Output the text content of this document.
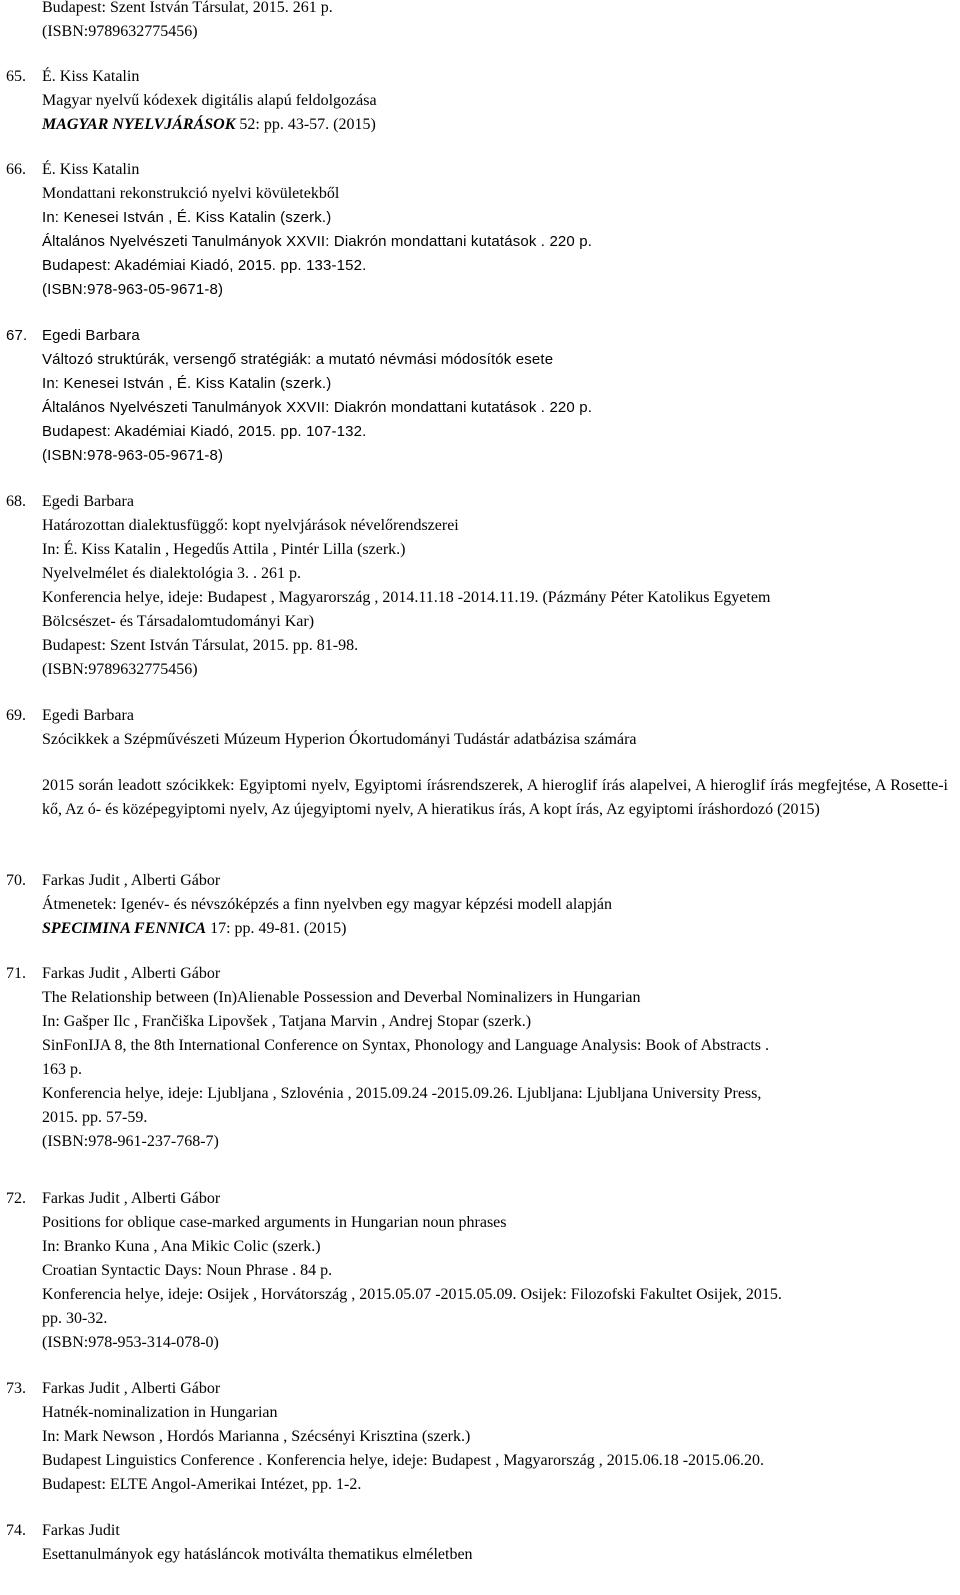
Budapest: Szent István Társulat, 2015. 261 p.
(ISBN:9789632775456)
65. É. Kiss Katalin
Magyar nyelvű kódexek digitális alapú feldolgozása
MAGYAR NYELVJÁRÁSOK 52: pp. 43-57. (2015)
66. É. Kiss Katalin
Mondattani rekonstrukció nyelvi kövületekből
In: Kenesei István , É. Kiss Katalin (szerk.)
Általános Nyelvészeti Tanulmányok XXVII: Diakrón mondattani kutatások . 220 p.
Budapest: Akadémiai Kiadó, 2015. pp. 133-152.
(ISBN:978-963-05-9671-8)
67. Egedi Barbara
Változó struktúrák, versengő stratégiák: a mutató névmási módosítók esete
In: Kenesei István , É. Kiss Katalin (szerk.)
Általános Nyelvészeti Tanulmányok XXVII: Diakrón mondattani kutatások . 220 p.
Budapest: Akadémiai Kiadó, 2015. pp. 107-132.
(ISBN:978-963-05-9671-8)
68. Egedi Barbara
Határozottan dialektusfüggő: kopt nyelvjárások névelőrendszerei
In: É. Kiss Katalin , Hegedűs Attila , Pintér Lilla (szerk.)
Nyelvelmélet és dialektológia 3. . 261 p.
Konferencia helye, ideje: Budapest , Magyarország , 2014.11.18 -2014.11.19. (Pázmány Péter Katolikus Egyetem
Bölcsészet- és Társadalomtudományi Kar)
Budapest: Szent István Társulat, 2015. pp. 81-98.
(ISBN:9789632775456)
69. Egedi Barbara
Szócikkek a Szépművészeti Múzeum Hyperion Ókortudományi Tudástár adatbázisa számára
2015 során leadott szócikkek: Egyiptomi nyelv, Egyiptomi írásrendszerek, A hieroglif írás alapelvei, A hieroglif írás megfejtése, A Rosette-i kő, Az ó- és középegyiptomi nyelv, Az újegyiptomi nyelv, A hieratikus írás, A kopt írás, Az egyiptomi íráshordozó (2015)
70. Farkas Judit , Alberti Gábor
Átmenetek: Igenév- és névszóképzés a finn nyelvben egy magyar képzési modell alapján
SPECIMINA FENNICA 17: pp. 49-81. (2015)
71. Farkas Judit , Alberti Gábor
The Relationship between (In)Alienable Possession and Deverbal Nominalizers in Hungarian
In: Gašper Ilc , Frančiška Lipovšek , Tatjana Marvin , Andrej Stopar (szerk.)
SinFonIJA 8, the 8th International Conference on Syntax, Phonology and Language Analysis: Book of Abstracts .
163 p.
Konferencia helye, ideje: Ljubljana , Szlovénia , 2015.09.24 -2015.09.26. Ljubljana: Ljubljana University Press,
2015. pp. 57-59.
(ISBN:978-961-237-768-7)
72. Farkas Judit , Alberti Gábor
Positions for oblique case-marked arguments in Hungarian noun phrases
In: Branko Kuna , Ana Mikic Colic (szerk.)
Croatian Syntactic Days: Noun Phrase . 84 p.
Konferencia helye, ideje: Osijek , Horvátország , 2015.05.07 -2015.05.09. Osijek: Filozofski Fakultet Osijek, 2015.
pp. 30-32.
(ISBN:978-953-314-078-0)
73. Farkas Judit , Alberti Gábor
Hatnék-nominalization in Hungarian
In: Mark Newson , Hordós Marianna , Szécsényi Krisztina (szerk.)
Budapest Linguistics Conference . Konferencia helye, ideje: Budapest , Magyarország , 2015.06.18 -2015.06.20.
Budapest: ELTE Angol-Amerikai Intézet, pp. 1-2.
74. Farkas Judit
Esettanulmányok egy hatásláncok motiválta thematikus elméletben
